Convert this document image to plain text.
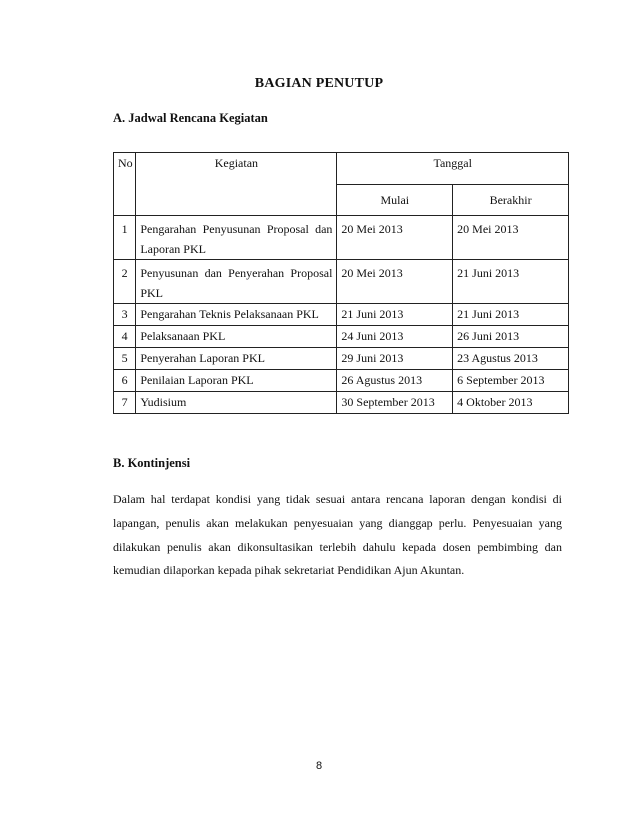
BAGIAN PENUTUP
A. Jadwal Rencana Kegiatan
No	Kegiatan	Tanggal	
		Mulai	Berakhir
1	Pengarahan Penyusunan Proposal dan Laporan PKL	20 Mei 2013	20 Mei 2013
2	Penyusunan dan Penyerahan Proposal PKL	20 Mei 2013	21 Juni 2013
3	Pengarahan Teknis Pelaksanaan PKL	21 Juni 2013	21 Juni 2013
4	Pelaksanaan PKL	24 Juni 2013	26 Juni 2013
5	Penyerahan Laporan PKL	29 Juni 2013	23 Agustus 2013
6	Penilaian Laporan PKL	26 Agustus 2013	6 September 2013
7	Yudisium	30 September 2013	4 Oktober 2013
B. Kontinjensi

Dalam hal terdapat kondisi yang tidak sesuai antara rencana laporan dengan kondisi di lapangan, penulis akan melakukan penyesuaian yang dianggap perlu. Penyesuaian yang dilakukan penulis akan dikonsultasikan terlebih dahulu kepada dosen pembimbing dan kemudian dilaporkan kepada pihak sekretariat Pendidikan Ajun Akuntan.

8
